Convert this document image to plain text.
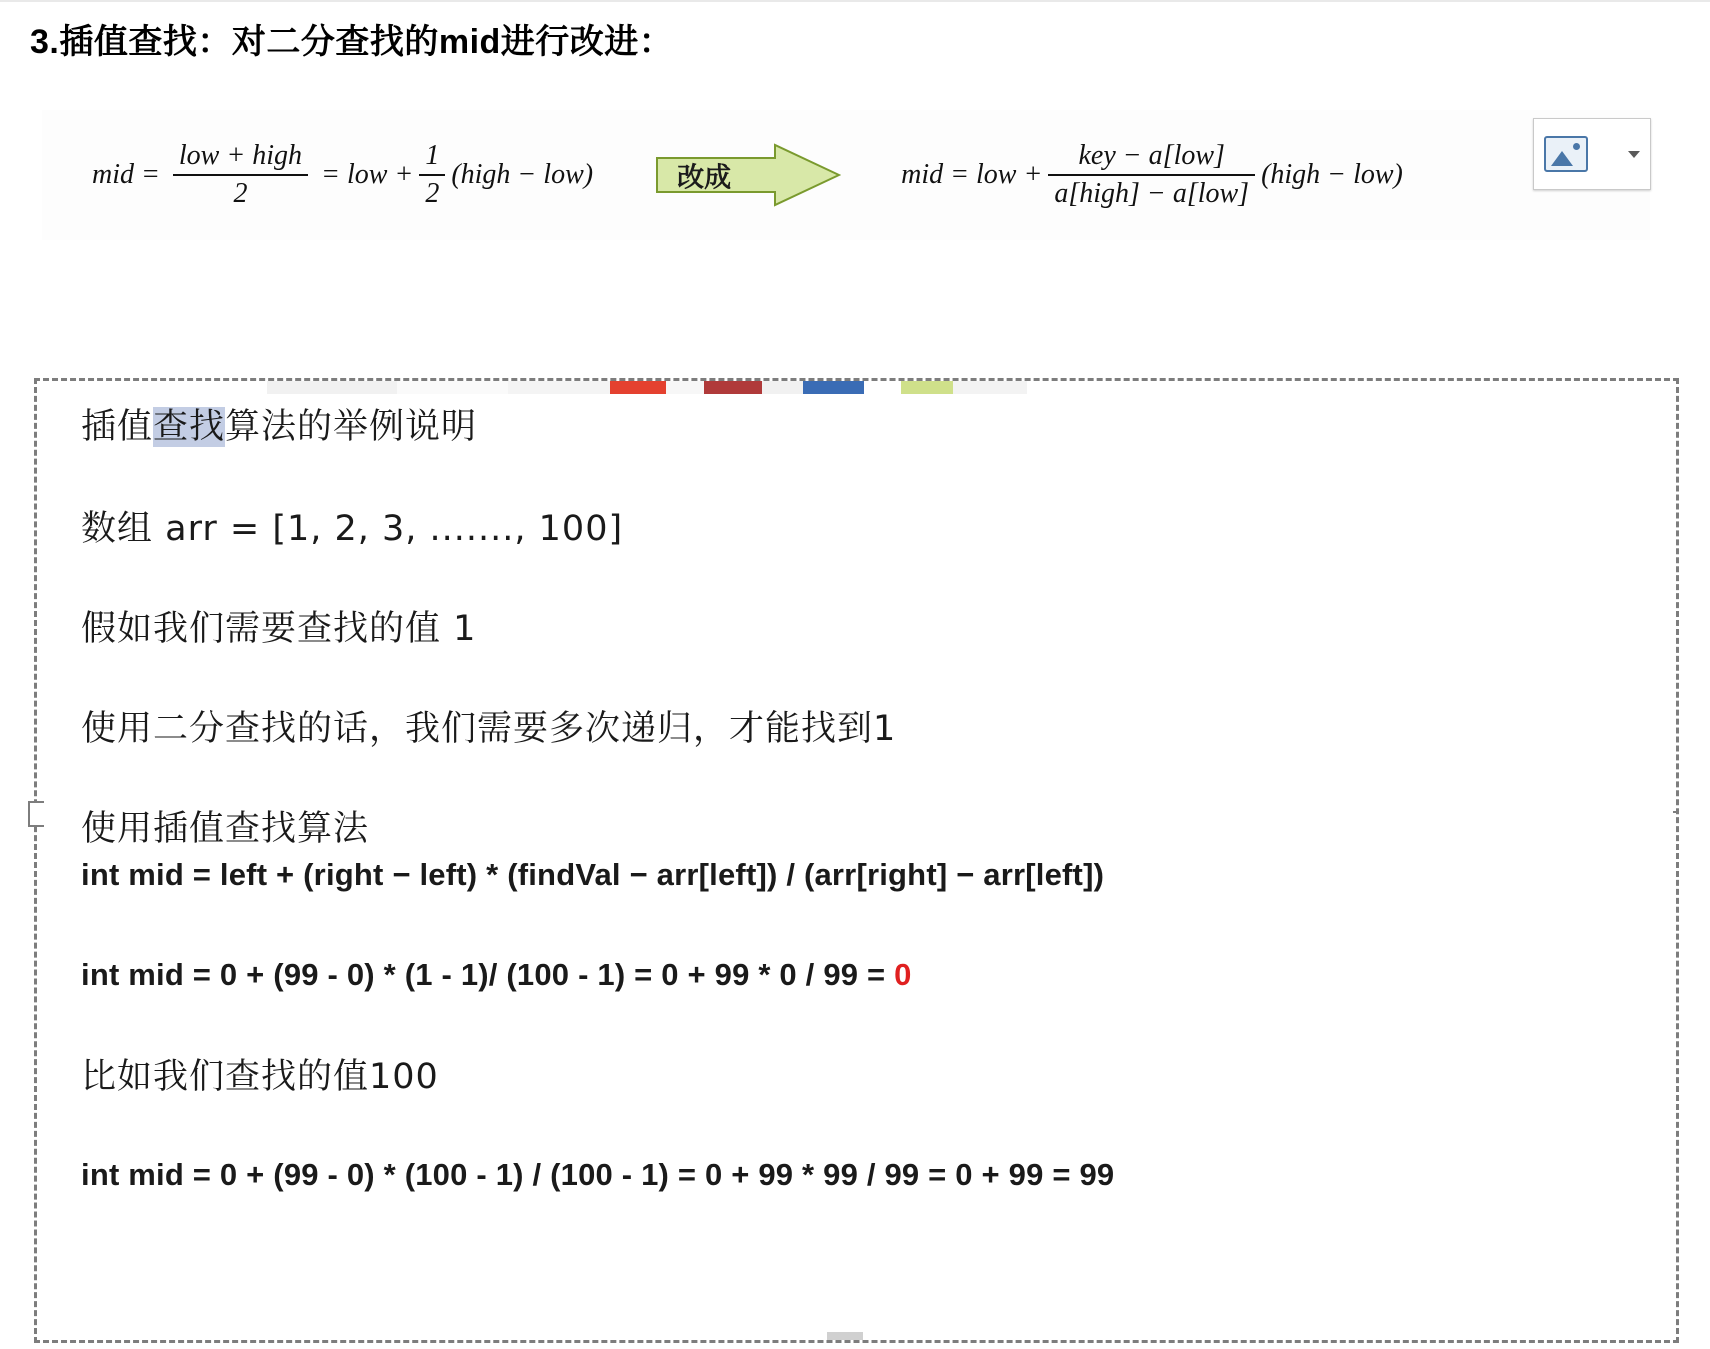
3.插值查找：对二分查找的mid进行改进：
mid = $\frac{\text{low + high}}{2}$ = low + $\frac{1}{2}$ (high − low)	改成	mid = low + $\frac{\text{key − a[low]}}{\text{a[high] − a[low]}}$ (high − low)
插值查找算法的举例说明
数组 arr = [1, 2, 3, ......., 100]
假如我们需要查找的值 1
使用二分查找的话，我们需要多次递归，才能找到1
使用插值查找算法
int mid = left + (right − left) * (findVal − arr[left]) / (arr[right] − arr[left])
int mid = 0 + (99 - 0) * (1 - 1)/ (100 - 1) = 0 + 99 * 0 / 99 = 0
比如我们查找的值100
int mid = 0 + (99 - 0) * (100 - 1) / (100 - 1) = 0 + 99 * 99 / 99 = 0 + 99 = 99
